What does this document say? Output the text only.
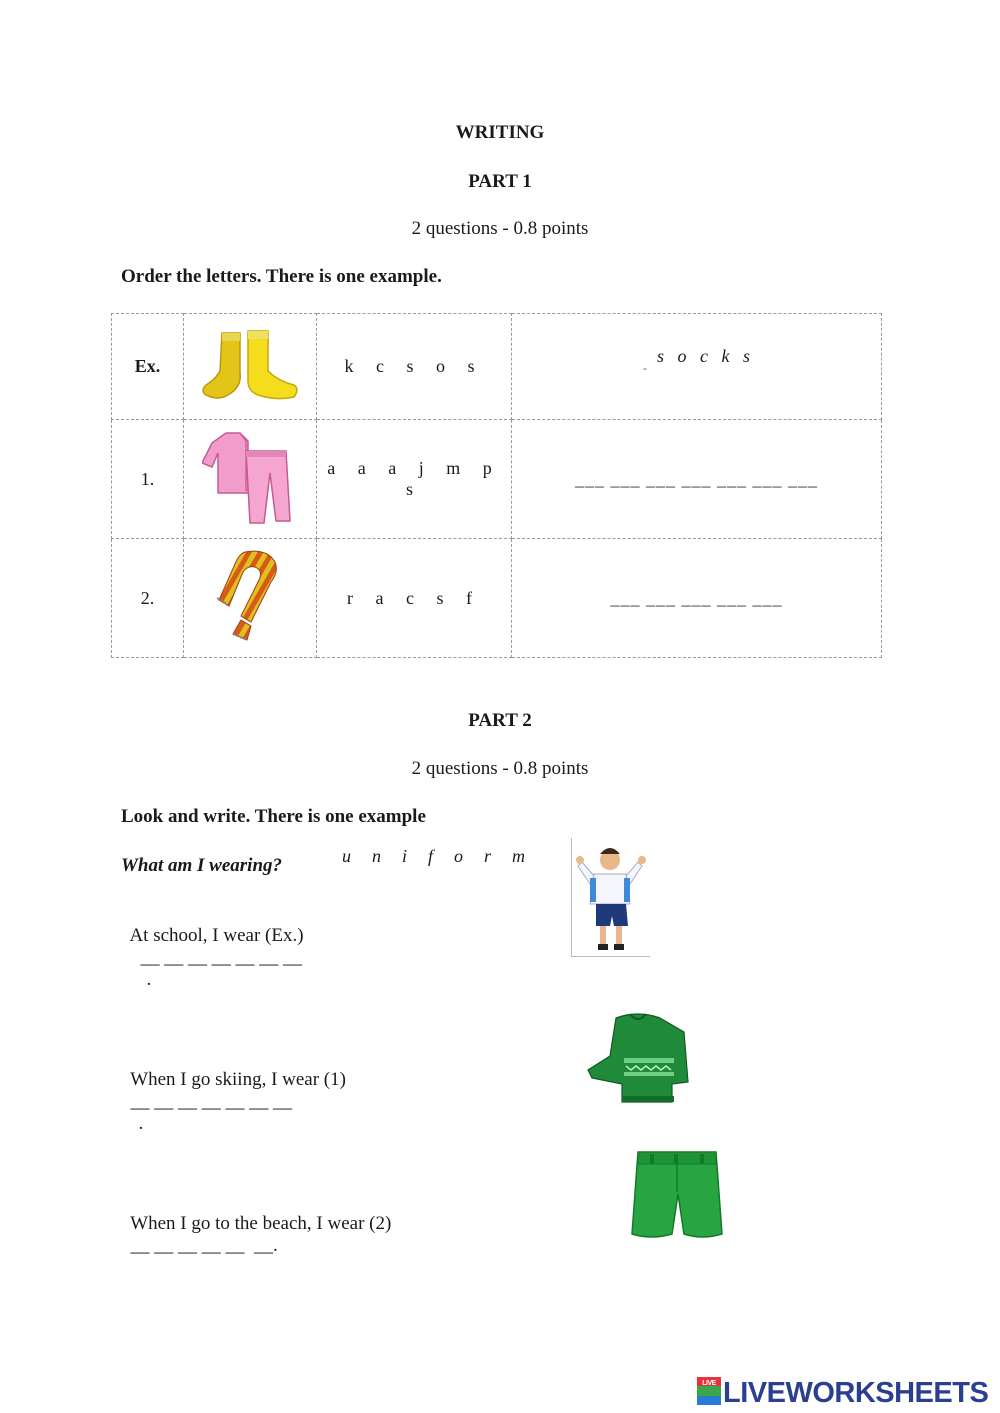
WRITING
PART 1
2 questions - 0.8 points
Order the letters. There is one example.
Ex.		k c s o s	$_-$s   o   c   k   s

1.		a a a j m p s	___ ___ ___ ___ ___ ___ ___
2.		r a c s f	___ ___ ___ ___ ___
PART 2
2 questions - 0.8 points
Look and write. There is one example
What am I wearing?	u  n  i  f  o  r  m

At school, I wear (Ex.)
__ __ __ __ __ __ __
.

When I go skiing, I wear (1)
__ __ __ __ __ __ __
.

When I go to the beach, I wear (2)
__ __ __ __ __  __.

LIVE LIVEWORKSHEETS
